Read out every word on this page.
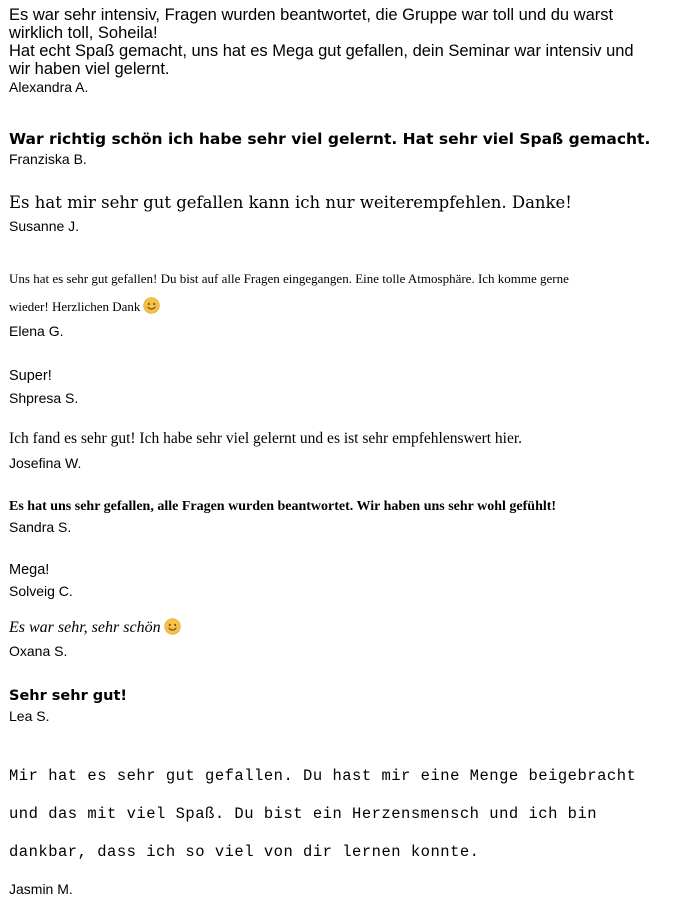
Es war sehr intensiv, Fragen wurden beantwortet, die Gruppe war toll und du warst
wirklich toll, Soheila!
Hat echt Spaß gemacht, uns hat es Mega gut gefallen, dein Seminar war intensiv und
wir haben viel gelernt.

Alexandra A.

War richtig schön ich habe sehr viel gelernt. Hat sehr viel Spaß gemacht.

Franziska B.

Es hat mir sehr gut gefallen kann ich nur weiterempfehlen. Danke!

Susanne J.

Uns hat es sehr gut gefallen! Du bist auf alle Fragen eingegangen. Eine tolle Atmosphäre. Ich komme gerne
wieder! Herzlichen Dank

Elena G.

Super!

Shpresa S.

Ich fand es sehr gut! Ich habe sehr viel gelernt und es ist sehr empfehlenswert hier.

Josefina W.

Es hat uns sehr gefallen, alle Fragen wurden beantwortet. Wir haben uns sehr wohl gefühlt!

Sandra S.

Mega!

Solveig C.

Es war sehr, sehr schön

Oxana S.

Sehr sehr gut!

Lea S.

Mir hat es sehr gut gefallen. Du hast mir eine Menge beigebracht

und das mit viel Spaß. Du bist ein Herzensmensch und ich bin

dankbar, dass ich so viel von dir lernen konnte.

Jasmin M.
